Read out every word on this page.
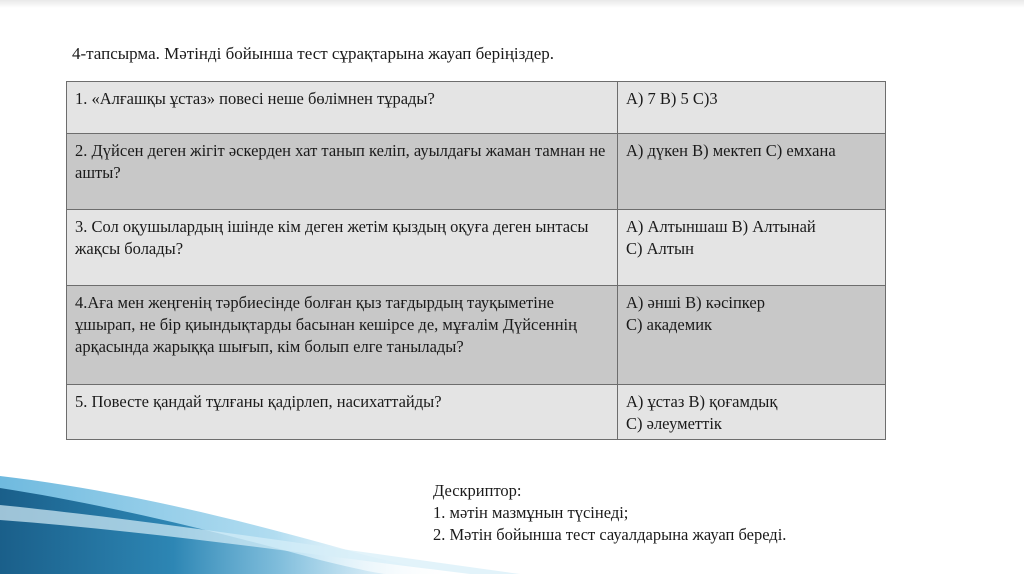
4-тапсырма. Мәтінді бойынша тест сұрақтарына жауап беріңіздер.
1. «Алғашқы ұстаз» повесі неше бөлімнен тұрады?	А) 7 В) 5 С)3

2. Дүйсен деген жігіт әскерден хат танып келіп, ауылдағы жаман тамнан не ашты?	А) дүкен В) мектеп С) емхана

3. Сол оқушылардың ішінде кім деген жетім қыздың оқуға деген ынтасы жақсы болады?	А) Алтыншаш В) Алтынай
С) Алтын

4.Аға мен жеңгенің тәрбиесінде болған қыз тағдырдың тауқыметіне ұшырап, не бір қиындықтарды басынан кешірсе де, мұғалім Дүйсеннің арқасында жарыққа шығып, кім болып елге танылады?	А) әнші В) кәсіпкер
С) академик

5. Повесте қандай тұлғаны қадірлеп, насихаттайды?	А) ұстаз В) қоғамдық
С) әлеуметтік
Дескриптор:
1. мәтін мазмұнын түсінеді;
2. Мәтін бойынша тест сауалдарына жауап береді.
